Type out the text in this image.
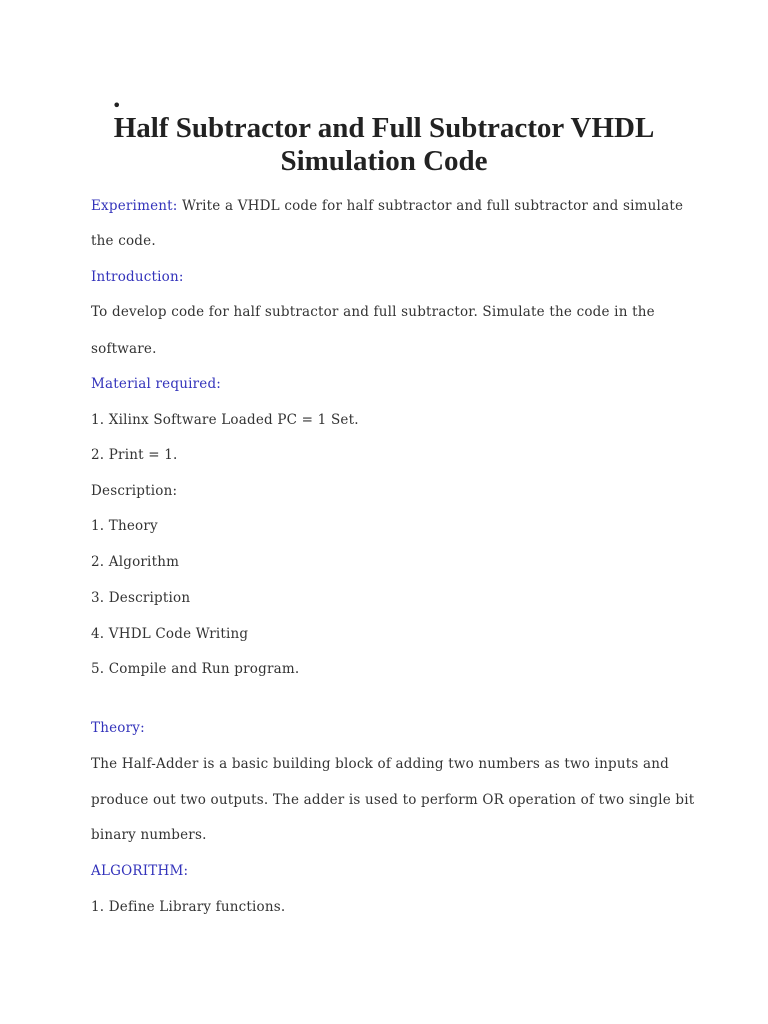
•
Half Subtractor and Full Subtractor VHDL
Simulation Code
Experiment: Write a VHDL code for half subtractor and full subtractor and simulate
the code.
Introduction:
To develop code for half subtractor and full subtractor. Simulate the code in the
software.
Material required:
1. Xilinx Software Loaded PC = 1 Set.
2. Print = 1.
Description:
1. Theory
2. Algorithm
3. Description
4. VHDL Code Writing
5. Compile and Run program.
Theory:
The Half-Adder is a basic building block of adding two numbers as two inputs and
produce out two outputs. The adder is used to perform OR operation of two single bit
binary numbers.
ALGORITHM:
1. Define Library functions.
